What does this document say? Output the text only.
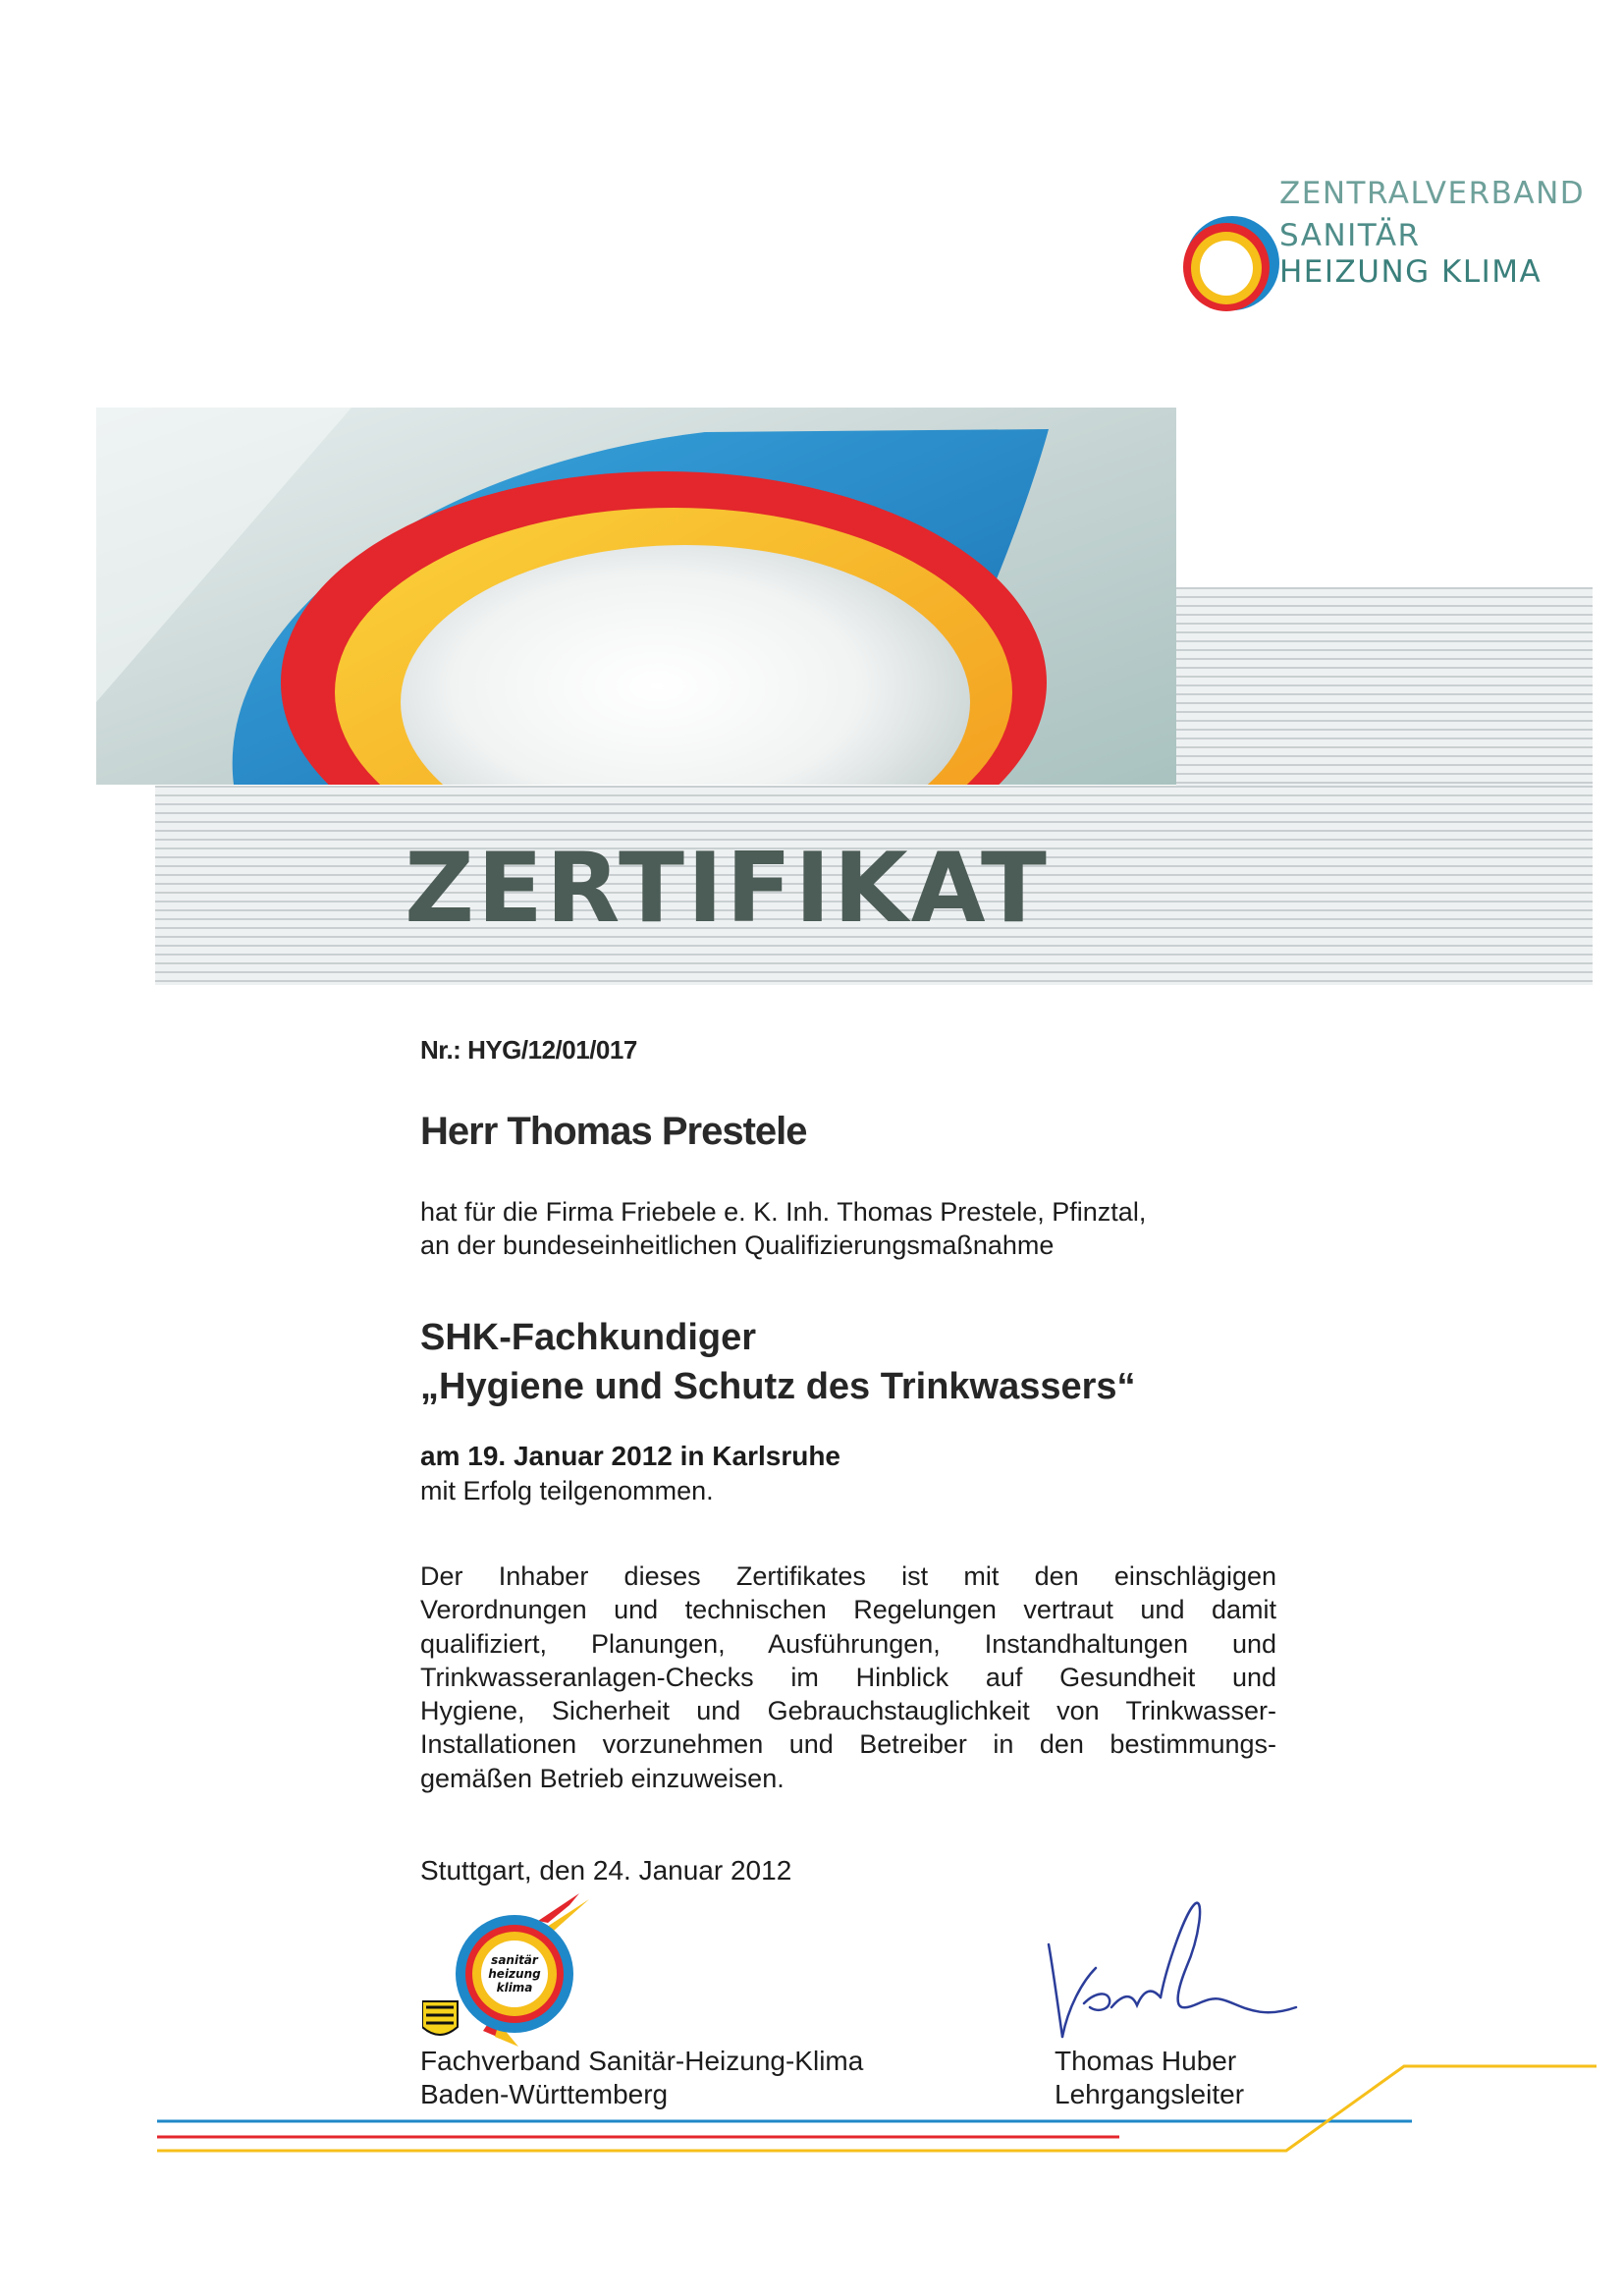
ZENTRALVERBAND
SANITÄR
HEIZUNG KLIMA
ZERTIFIKAT
Nr.: HYG/12/01/017
Herr Thomas Prestele
hat für die Firma Friebele e. K. Inh. Thomas Prestele, Pfinztal,
an der bundeseinheitlichen Qualifizierungsmaßnahme
SHK-Fachkundiger
„Hygiene und Schutz des Trinkwassers“
am 19. Januar 2012 in Karlsruhe
mit Erfolg teilgenommen.
Der Inhaber dieses Zertifikates ist mit den einschlägigen
Verordnungen und technischen Regelungen vertraut und damit
qualifiziert, Planungen, Ausführungen, Instandhaltungen und
Trinkwasseranlagen-Checks im Hinblick auf Gesundheit und
Hygiene, Sicherheit und Gebrauchstauglichkeit von Trinkwasser-
Installationen vorzunehmen und Betreiber in den bestimmungs-
gemäßen Betrieb einzuweisen.
Stuttgart, den 24. Januar 2012
sanitär
heizung
klima
Fachverband Sanitär-Heizung-Klima
Baden-Württemberg
Thomas Huber
Lehrgangsleiter
